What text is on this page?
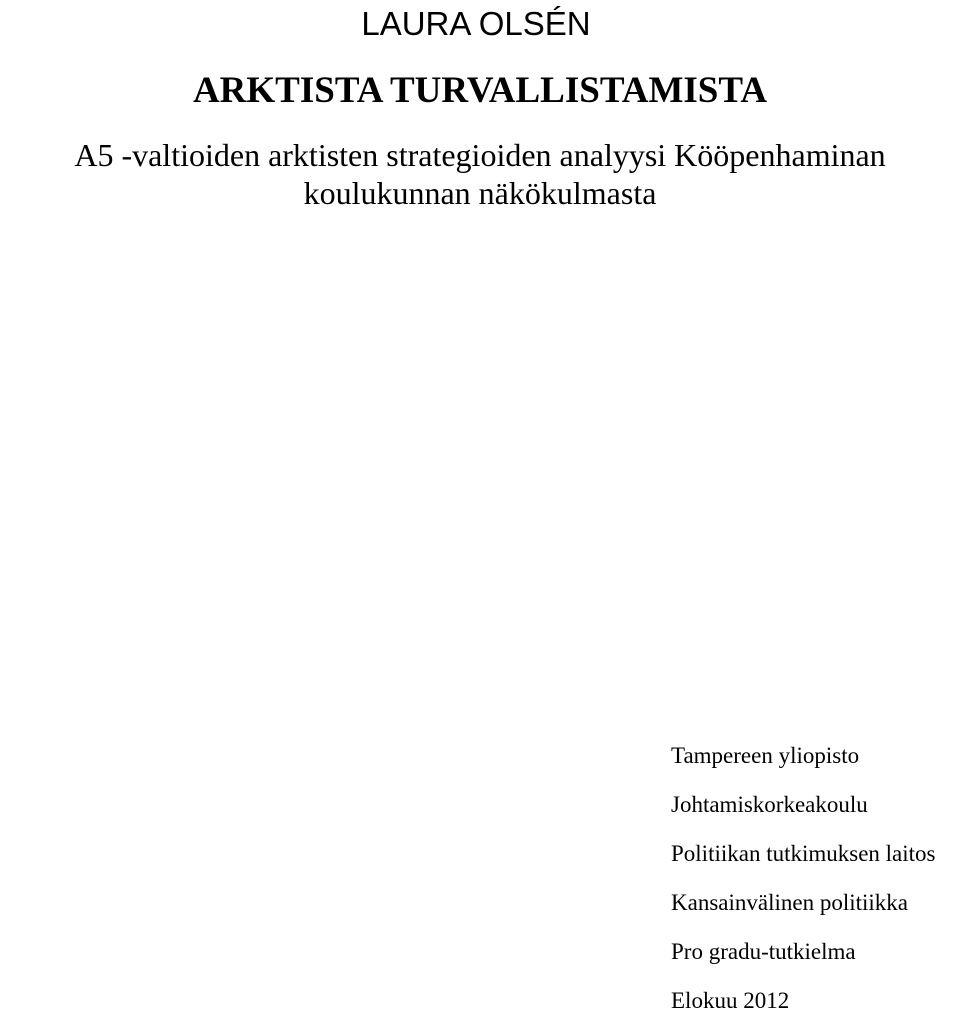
LAURA OLSÉN
ARKTISTA TURVALLISTAMISTA
A5 -valtioiden arktisten strategioiden analyysi Kööpenhaminan
koulukunnan näkökulmasta
Tampereen yliopisto
Johtamiskorkeakoulu
Politiikan tutkimuksen laitos
Kansainvälinen politiikka
Pro gradu-tutkielma
Elokuu 2012
